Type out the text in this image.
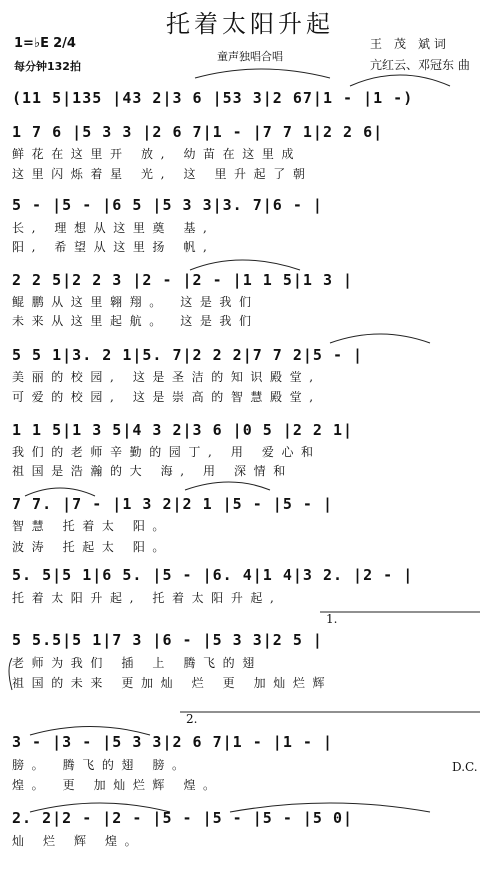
托着太阳升起
童声独唱合唱
王　茂　斌 词
亢红云、邓冠东 曲
1=♭E 2/4
每分钟132拍
(11 5|135 |43 2|3 6 |53 3|2 67|1 - |1 -)
1 7 6 |5 3 3 |2 6 7|1 - |7 7 1|2 2 6|
鲜花在这里开 放, 幼苗在这里成
这里闪烁着星 光, 这 里升起了朝
5 - |5 - |6 5 |5 3 3|3. 7|6 - |
长, 理想从这里奠 基,
阳, 希望从这里扬 帆,
2 2 5|2 2 3 |2 - |2 - |1 1 5|1 3 |
鲲鹏从这里翱翔。 这是我们
未来从这里起航。 这是我们
5 5 1|3. 2 1|5. 7|2 2 2|7 7 2|5 - |
美丽的校园, 这是圣洁的知识殿堂,
可爱的校园, 这是崇高的智慧殿堂,
1 1 5|1 3 5|4 3 2|3 6 |0 5 |2 2 1|
我们的老师辛勤的园丁, 用 爱心和
祖国是浩瀚的大 海, 用 深情和
7 7. |7 - |1 3 2|2 1 |5 - |5 - |
智慧 托着太 阳。
波涛 托起太 阳。
5. 5|5 1|6 5. |5 - |6. 4|1 4|3 2. |2 - |
托着太阳升起, 托着太阳升起,
5 5.5|5 1|7 3 |6 - |5 3 3|2 5 |
老师为我们 插 上 腾飞的翅
祖国的未来 更加灿 烂 更 加灿烂辉
3 - |3 - |5 3 3|2 6 7|1 - |1 - |
膀。 腾飞的翅 膀。
煌。 更 加灿烂辉 煌。
2. 2|2 - |2 - |5 - |5 - |5 - |5 0|
灿 烂 辉 煌。
1.
2.
D.C.
